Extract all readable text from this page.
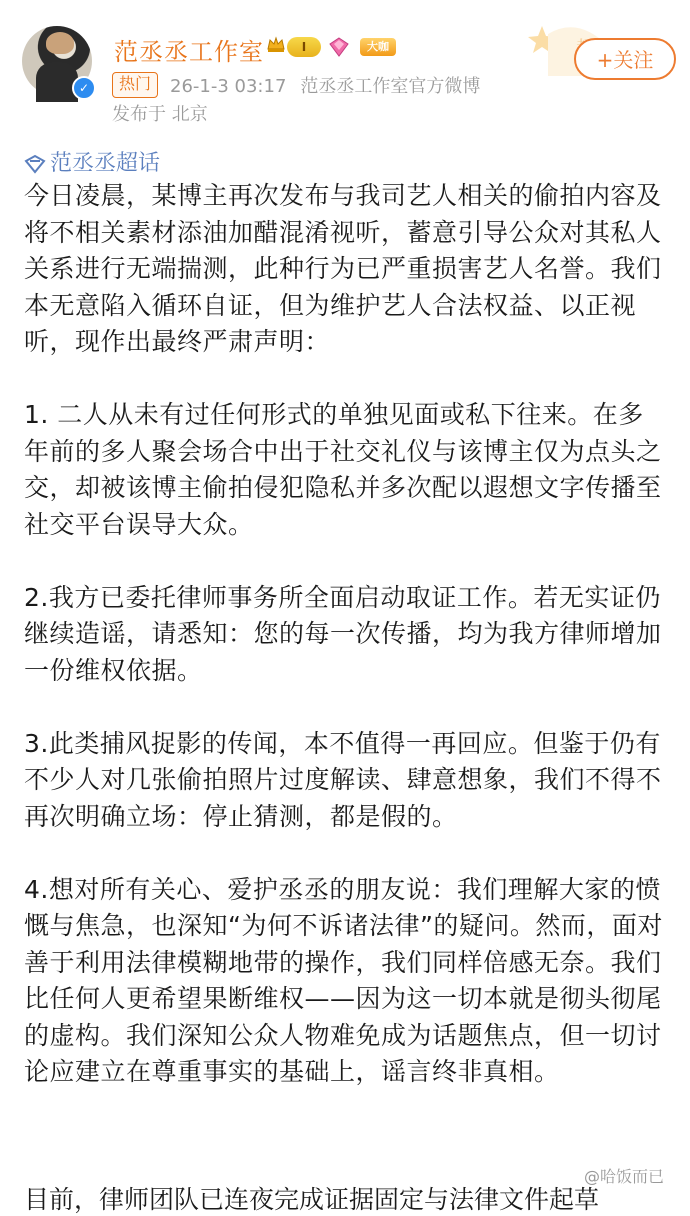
✓
范丞丞工作室	I	大咖
热门	26-1-3 03:17 范丞丞工作室官方微博
发布于 北京
+关注
范丞丞超话

今日凌晨，某博主再次发布与我司艺人相关的偷拍内容及将不相关素材添油加醋混淆视听，蓄意引导公众对其私人关系进行无端揣测，此种行为已严重损害艺人名誉。我们本无意陷入循环自证，但为维护艺人合法权益、以正视听，现作出最终严肃声明：

1. 二人从未有过任何形式的单独见面或私下往来。在多年前的多人聚会场合中出于社交礼仪与该博主仅为点头之交，却被该博主偷拍侵犯隐私并多次配以遐想文字传播至社交平台误导大众。

2.我方已委托律师事务所全面启动取证工作。若无实证仍继续造谣，请悉知：您的每一次传播，均为我方律师增加一份维权依据。

3.此类捕风捉影的传闻，本不值得一再回应。但鉴于仍有不少人对几张偷拍照片过度解读、肆意想象，我们不得不再次明确立场：停止猜测，都是假的。

4.想对所有关心、爱护丞丞的朋友说：我们理解大家的愤慨与焦急，也深知“为何不诉诸法律”的疑问。然而，面对善于利用法律模糊地带的操作，我们同样倍感无奈。我们比任何人更希望果断维权——因为这一切本就是彻头彻尾的虚构。我们深知公众人物难免成为话题焦点，但一切讨论应建立在尊重事实的基础上，谣言终非真相。

目前，律师团队已连夜完成证据固定与法律文件起草
@哈饭而已
